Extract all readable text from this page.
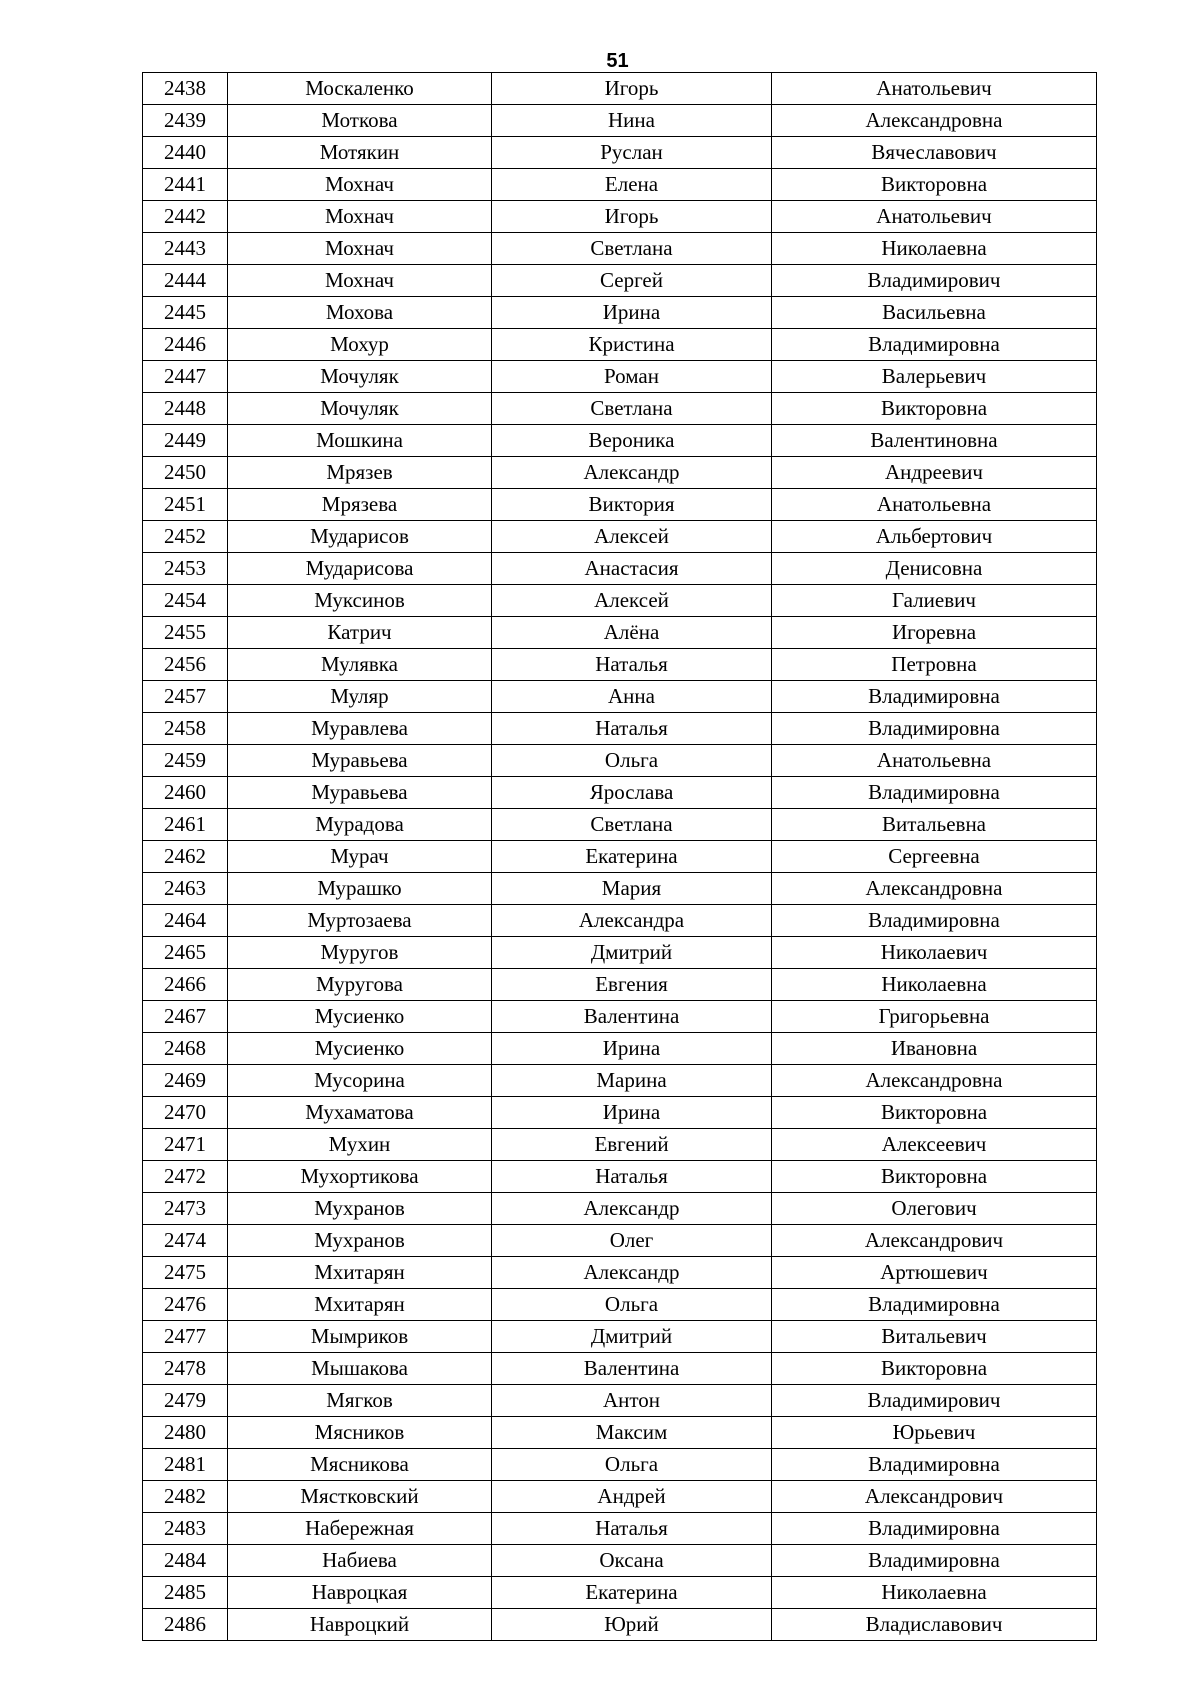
51
2438	Москаленко	Игорь	Анатольевич
2439	Моткова	Нина	Александровна
2440	Мотякин	Руслан	Вячеславович
2441	Мохнач	Елена	Викторовна
2442	Мохнач	Игорь	Анатольевич
2443	Мохнач	Светлана	Николаевна
2444	Мохнач	Сергей	Владимирович
2445	Мохова	Ирина	Васильевна
2446	Мохур	Кристина	Владимировна
2447	Мочуляк	Роман	Валерьевич
2448	Мочуляк	Светлана	Викторовна
2449	Мошкина	Вероника	Валентиновна
2450	Мрязев	Александр	Андреевич
2451	Мрязева	Виктория	Анатольевна
2452	Мударисов	Алексей	Альбертович
2453	Мударисова	Анастасия	Денисовна
2454	Муксинов	Алексей	Галиевич
2455	Катрич	Алёна	Игоревна
2456	Мулявка	Наталья	Петровна
2457	Муляр	Анна	Владимировна
2458	Муравлева	Наталья	Владимировна
2459	Муравьева	Ольга	Анатольевна
2460	Муравьева	Ярослава	Владимировна
2461	Мурадова	Светлана	Витальевна
2462	Мурач	Екатерина	Сергеевна
2463	Мурашко	Мария	Александровна
2464	Муртозаева	Александра	Владимировна
2465	Муругов	Дмитрий	Николаевич
2466	Муругова	Евгения	Николаевна
2467	Мусиенко	Валентина	Григорьевна
2468	Мусиенко	Ирина	Ивановна
2469	Мусорина	Марина	Александровна
2470	Мухаматова	Ирина	Викторовна
2471	Мухин	Евгений	Алексеевич
2472	Мухортикова	Наталья	Викторовна
2473	Мухранов	Александр	Олегович
2474	Мухранов	Олег	Александрович
2475	Мхитарян	Александр	Артюшевич
2476	Мхитарян	Ольга	Владимировна
2477	Мымриков	Дмитрий	Витальевич
2478	Мышакова	Валентина	Викторовна
2479	Мягков	Антон	Владимирович
2480	Мясников	Максим	Юрьевич
2481	Мясникова	Ольга	Владимировна
2482	Мястковский	Андрей	Александрович
2483	Набережная	Наталья	Владимировна
2484	Набиева	Оксана	Владимировна
2485	Навроцкая	Екатерина	Николаевна
2486	Навроцкий	Юрий	Владиславович
